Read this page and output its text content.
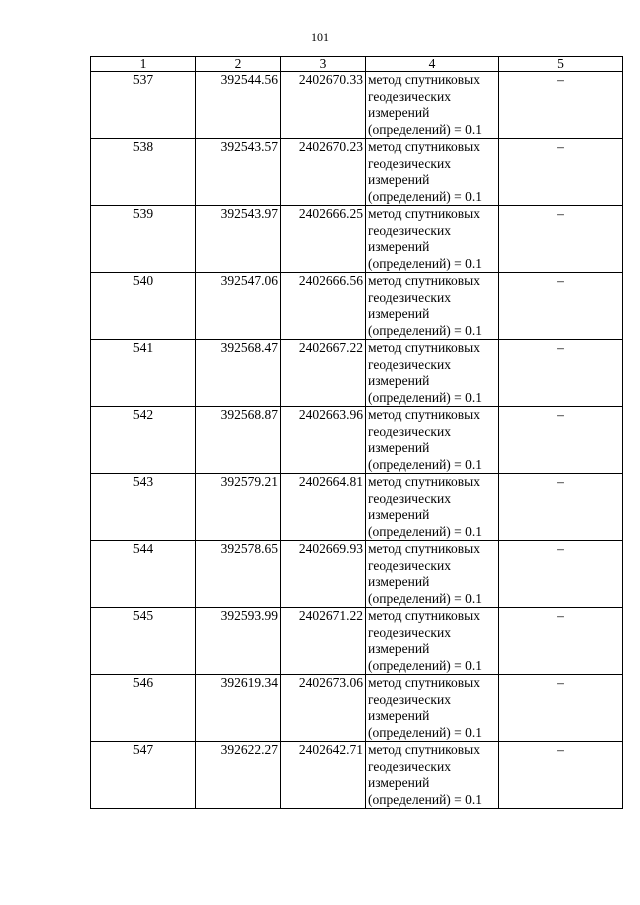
101
1	2	3	4	5
537	392544.56	2402670.33	метод спутниковых
геодезических
измерений
(определений) = 0.1	–
538	392543.57	2402670.23	метод спутниковых
геодезических
измерений
(определений) = 0.1	–
539	392543.97	2402666.25	метод спутниковых
геодезических
измерений
(определений) = 0.1	–
540	392547.06	2402666.56	метод спутниковых
геодезических
измерений
(определений) = 0.1	–
541	392568.47	2402667.22	метод спутниковых
геодезических
измерений
(определений) = 0.1	–
542	392568.87	2402663.96	метод спутниковых
геодезических
измерений
(определений) = 0.1	–
543	392579.21	2402664.81	метод спутниковых
геодезических
измерений
(определений) = 0.1	–
544	392578.65	2402669.93	метод спутниковых
геодезических
измерений
(определений) = 0.1	–
545	392593.99	2402671.22	метод спутниковых
геодезических
измерений
(определений) = 0.1	–
546	392619.34	2402673.06	метод спутниковых
геодезических
измерений
(определений) = 0.1	–
547	392622.27	2402642.71	метод спутниковых
геодезических
измерений
(определений) = 0.1	–
